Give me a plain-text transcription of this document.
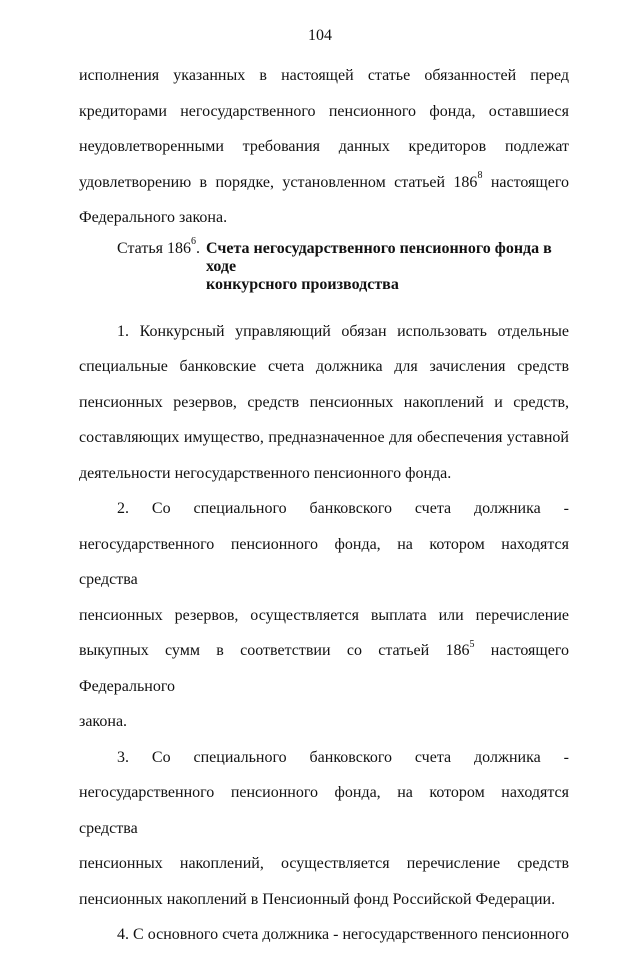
104

исполнения указанных в настоящей статье обязанностей перед

кредиторами негосударственного пенсионного фонда, оставшиеся

неудовлетворенными требования данных кредиторов подлежат

удовлетворению в порядке, установленном статьей $186^8$ настоящего

Федерального закона.

Статья $186^6$. Счета негосударственного пенсионного фонда в ходе
конкурсного производства

1. Конкурсный управляющий обязан использовать отдельные

специальные банковские счета должника для зачисления средств

пенсионных резервов, средств пенсионных накоплений и средств,

составляющих имущество, предназначенное для обеспечения уставной

деятельности негосударственного пенсионного фонда.

2. Со специального банковского счета должника -

негосударственного пенсионного фонда, на котором находятся средства

пенсионных резервов, осуществляется выплата или перечисление

выкупных сумм в соответствии со статьей $186^5$ настоящего Федерального

закона.

3. Со специального банковского счета должника -

негосударственного пенсионного фонда, на котором находятся средства

пенсионных накоплений, осуществляется перечисление средств

пенсионных накоплений в Пенсионный фонд Российской Федерации.

4. С основного счета должника - негосударственного пенсионного
